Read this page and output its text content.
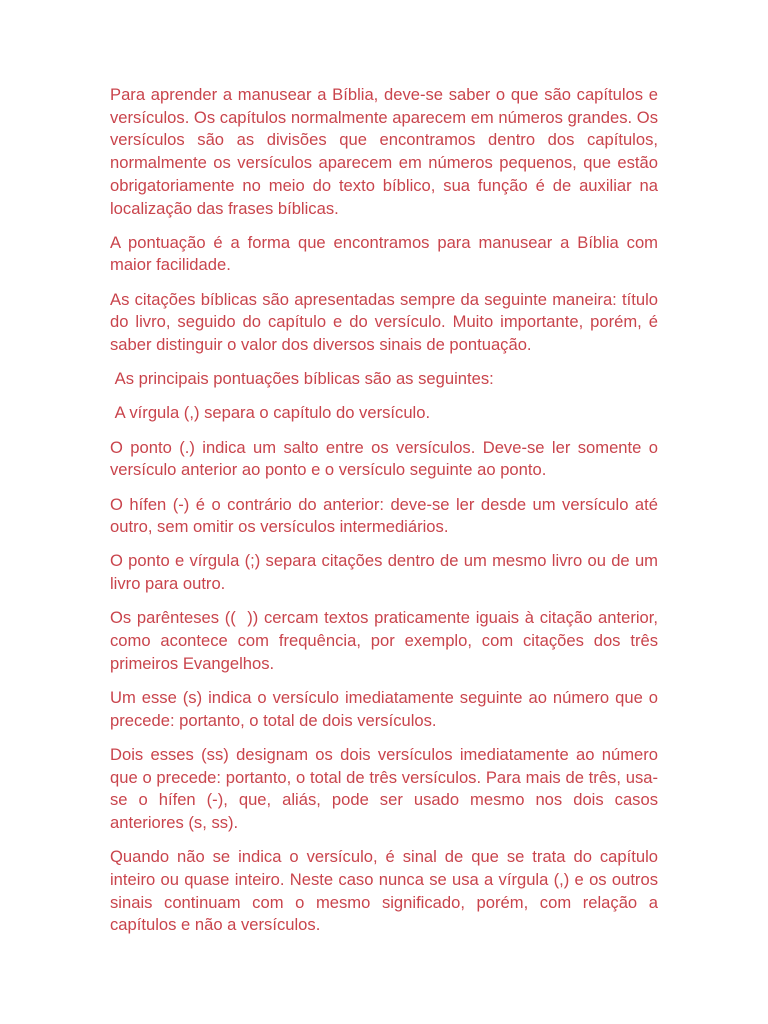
Para aprender a manusear a Bíblia, deve-se saber o que são capítulos e versículos. Os capítulos normalmente aparecem em números grandes. Os versículos são as divisões que encontramos dentro dos capítulos, normalmente os versículos aparecem em números pequenos, que estão obrigatoriamente no meio do texto bíblico, sua função é de auxiliar na localização das frases bíblicas.

A pontuação é a forma que encontramos para manusear a Bíblia com maior facilidade.

As citações bíblicas são apresentadas sempre da seguinte maneira: título do livro, seguido do capítulo e do versículo. Muito importante, porém, é saber distinguir o valor dos diversos sinais de pontuação.

As principais pontuações bíblicas são as seguintes:

A vírgula (,) separa o capítulo do versículo.

O ponto (.) indica um salto entre os versículos. Deve-se ler somente o versículo anterior ao ponto e o versículo seguinte ao ponto.

O hífen (-) é o contrário do anterior: deve-se ler desde um versículo até outro, sem omitir os versículos intermediários.

O ponto e vírgula (;) separa citações dentro de um mesmo livro ou de um livro para outro.

Os parênteses ((  )) cercam textos praticamente iguais à citação anterior, como acontece com frequência, por exemplo, com citações dos três primeiros Evangelhos.

Um esse (s) indica o versículo imediatamente seguinte ao número que o precede: portanto, o total de dois versículos.

Dois esses (ss) designam os dois versículos imediatamente ao número que o precede: portanto, o total de três versículos. Para mais de três, usa-se o hífen (-), que, aliás, pode ser usado mesmo nos dois casos anteriores (s, ss).

Quando não se indica o versículo, é sinal de que se trata do capítulo inteiro ou quase inteiro. Neste caso nunca se usa a vírgula (,) e os outros sinais continuam com o mesmo significado, porém, com relação a capítulos e não a versículos.
